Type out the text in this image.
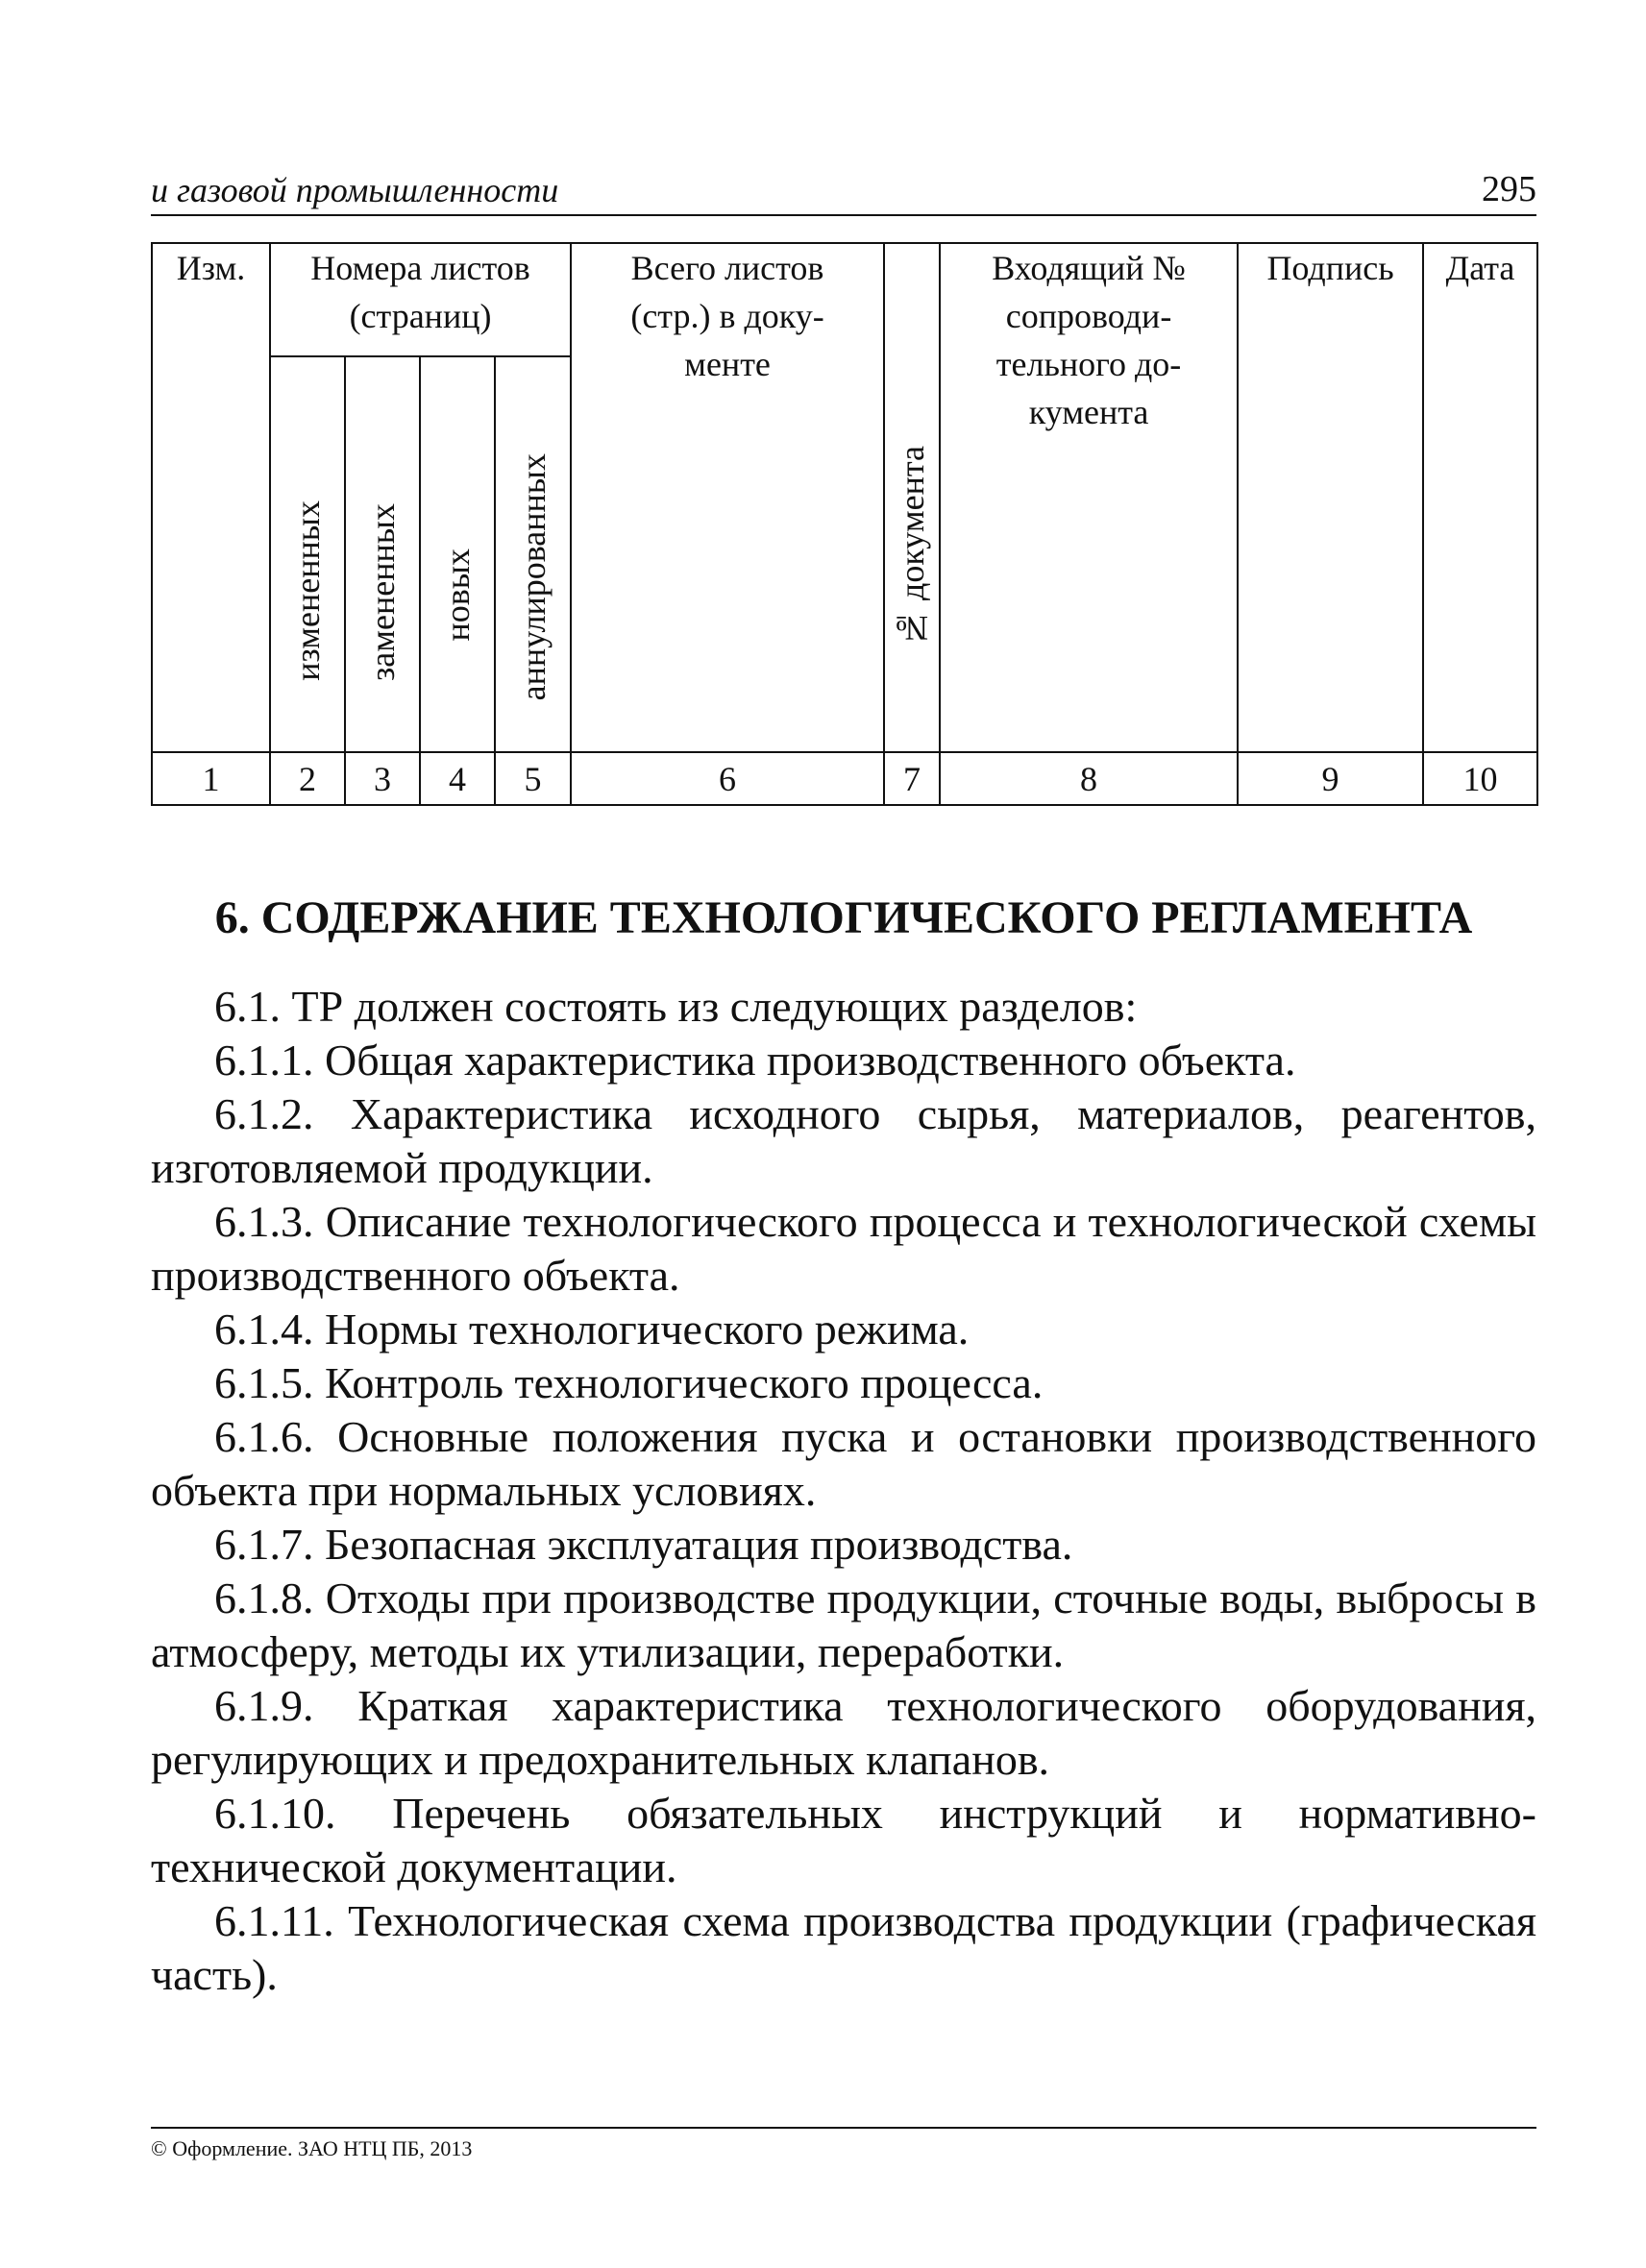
и газовой промышленности	295
Изм.	Номера листов (страниц)				Всего листов (стр.) в доку- менте	№ документа	Входящий № сопроводи- тельного до- кумента	Подпись	Дата
	измененных	замененных	новых	аннулированных					
1	2	3	4	5	6	7	8	9	10
6. СОДЕРЖАНИЕ ТЕХНОЛОГИЧЕСКОГО РЕГЛАМЕНТА

6.1. ТР должен состоять из следующих разделов:

6.1.1. Общая характеристика производственного объекта.

6.1.2. Характеристика исходного сырья, материалов, реагентов, изготовляемой продукции.

6.1.3. Описание технологического процесса и технологической схемы производственного объекта.

6.1.4. Нормы технологического режима.

6.1.5. Контроль технологического процесса.

6.1.6. Основные положения пуска и остановки производственного объекта при нормальных условиях.

6.1.7. Безопасная эксплуатация производства.

6.1.8. Отходы при производстве продукции, сточные воды, выбросы в атмосферу, методы их утилизации, переработки.

6.1.9. Краткая характеристика технологического оборудования, регулирующих и предохранительных клапанов.

6.1.10. Перечень обязательных инструкций и нормативно-технической документации.

6.1.11. Технологическая схема производства продукции (графическая часть).

© Оформление. ЗАО НТЦ ПБ, 2013
